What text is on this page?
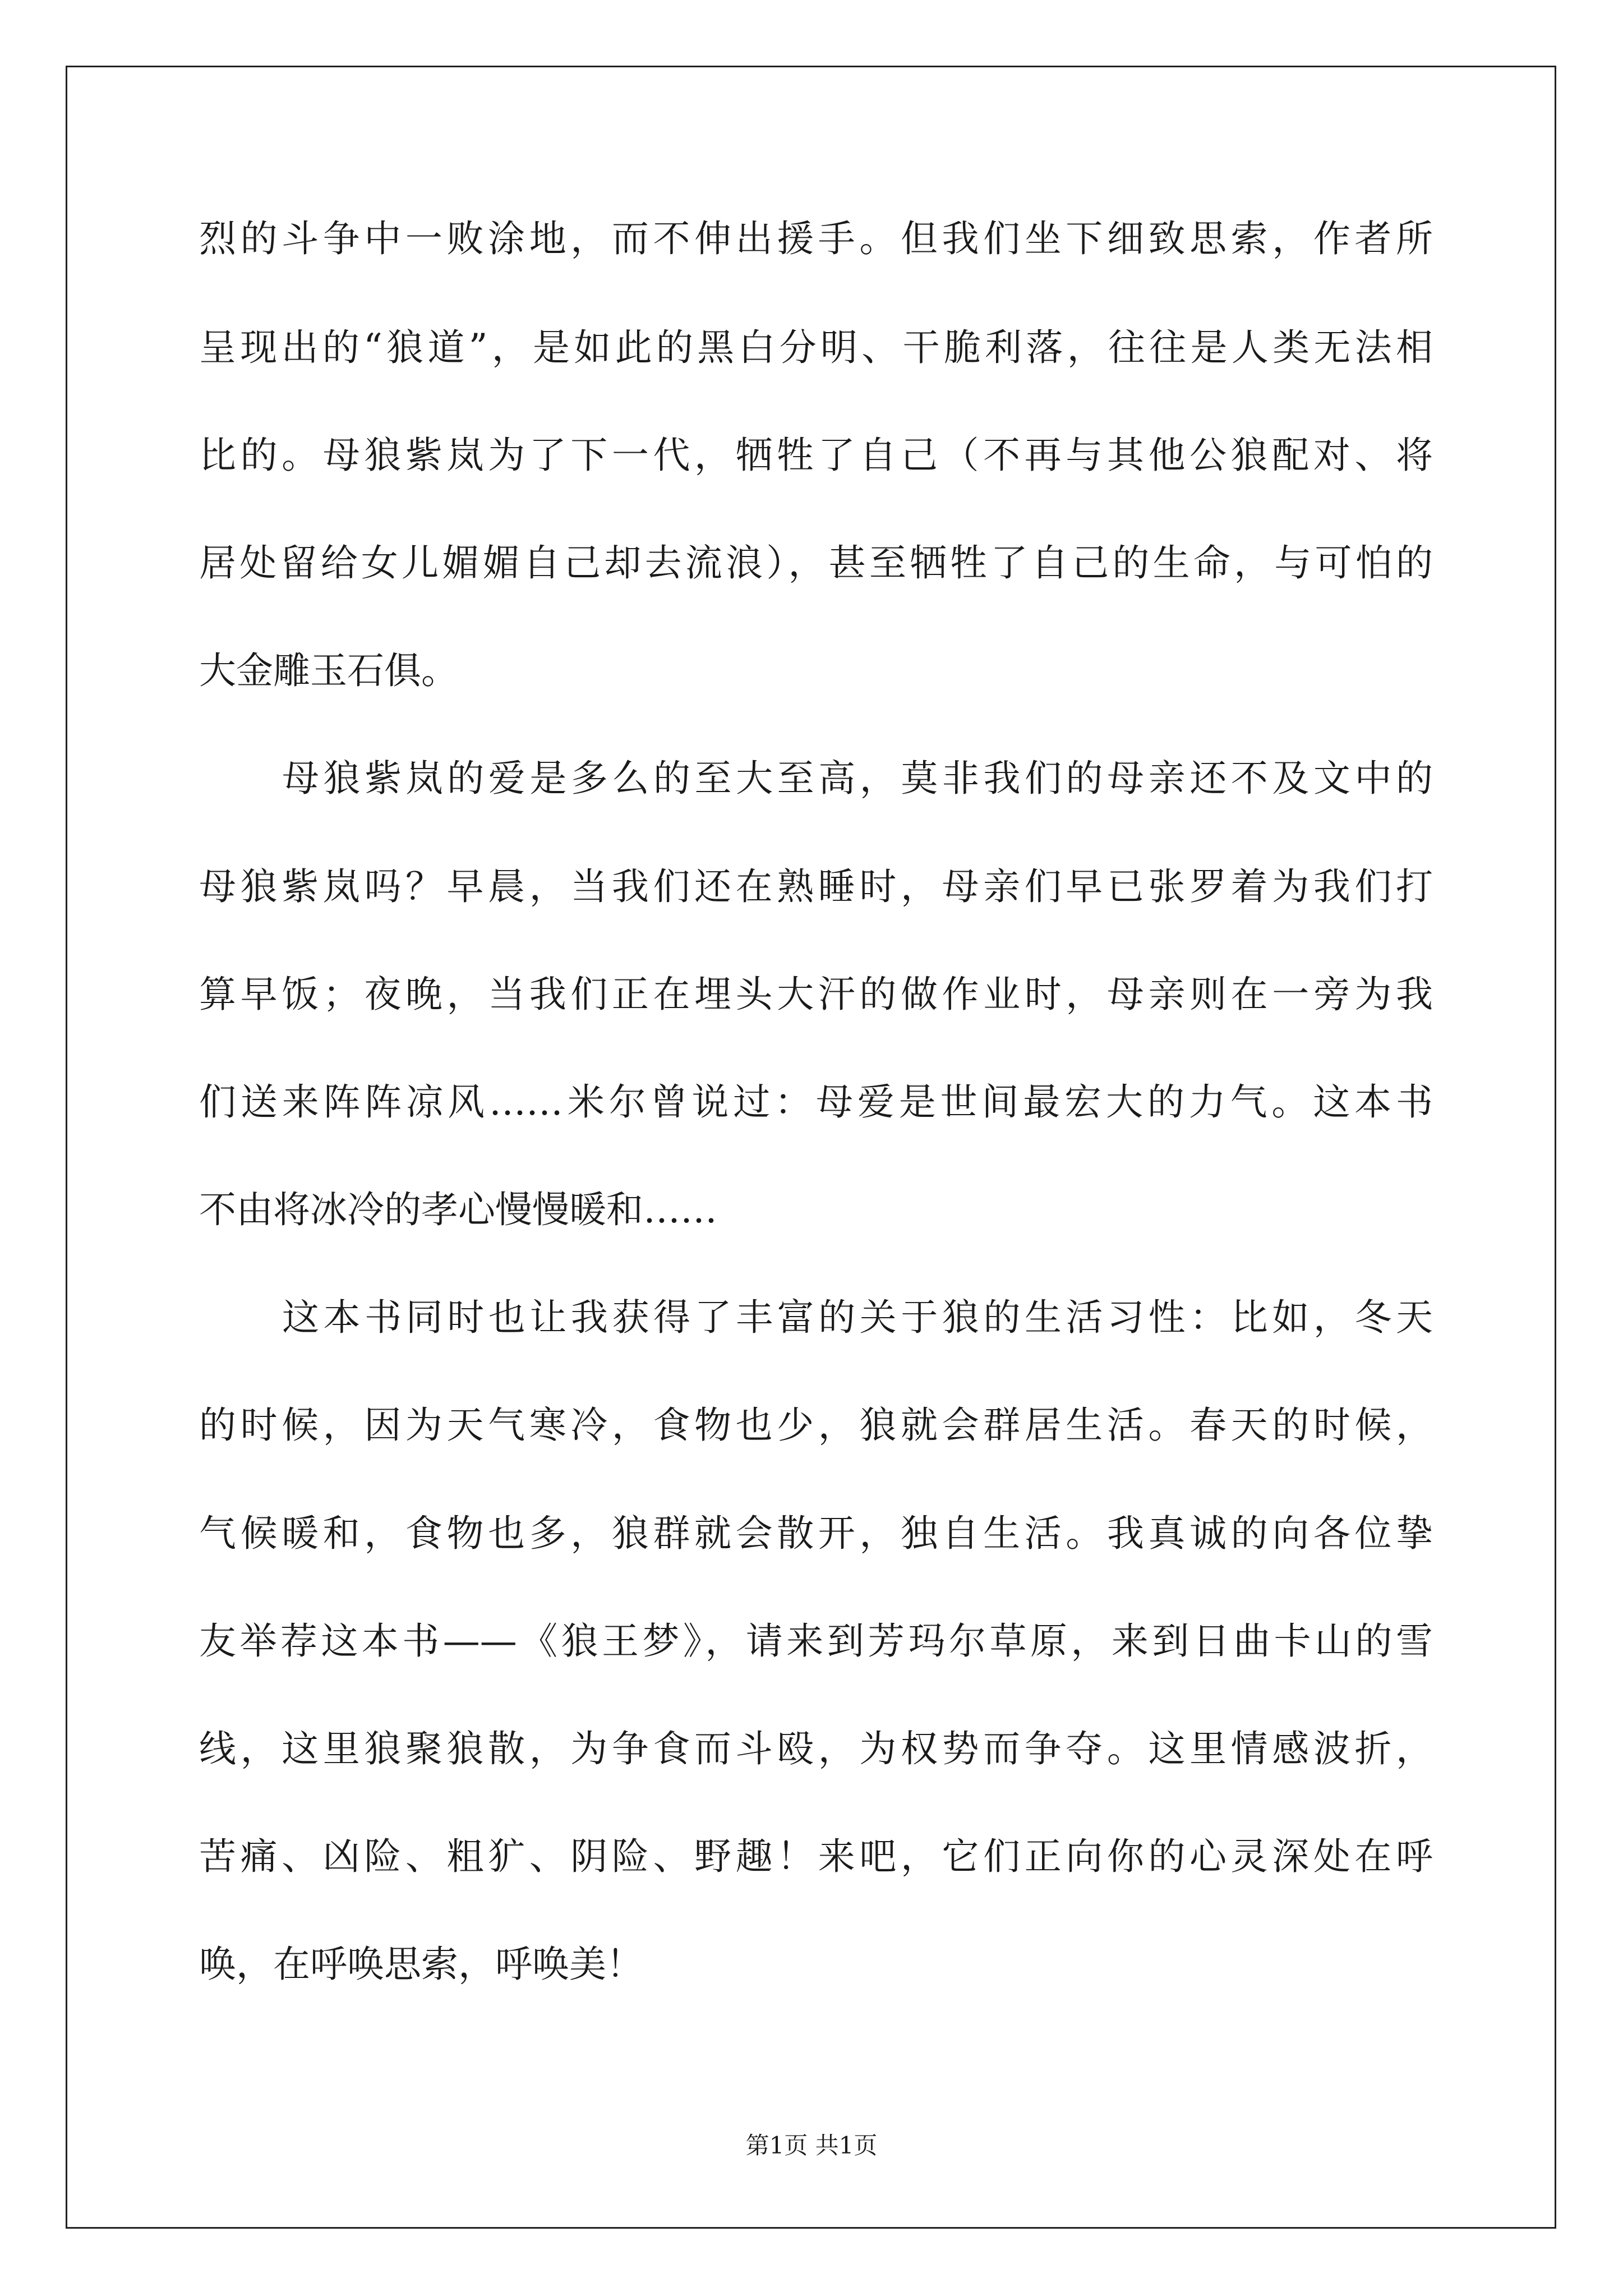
烈的斗争中一败涂地，而不伸出援手。但我们坐下细致思索，作者所
呈现出的“狼道”，是如此的黑白分明、干脆利落，往往是人类无法相
比的。母狼紫岚为了下一代，牺牲了自己（不再与其他公狼配对、将
居处留给女儿媚媚自己却去流浪），甚至牺牲了自己的生命，与可怕的
大金雕玉石俱。
母狼紫岚的爱是多么的至大至高，莫非我们的母亲还不及文中的
母狼紫岚吗？早晨，当我们还在熟睡时，母亲们早已张罗着为我们打
算早饭；夜晚，当我们正在埋头大汗的做作业时，母亲则在一旁为我
们送来阵阵凉风……米尔曾说过：母爱是世间最宏大的力气。这本书
不由将冰冷的孝心慢慢暖和……
这本书同时也让我获得了丰富的关于狼的生活习性：比如，冬天
的时候，因为天气寒冷，食物也少，狼就会群居生活。春天的时候，
气候暖和，食物也多，狼群就会散开，独自生活。我真诚的向各位挚
友举荐这本书——《狼王梦》，请来到芳玛尔草原，来到日曲卡山的雪
线，这里狼聚狼散，为争食而斗殴，为权势而争夺。这里情感波折，
苦痛、凶险、粗犷、阴险、野趣！来吧，它们正向你的心灵深处在呼
唤，在呼唤思索，呼唤美！
第1页 共1页
